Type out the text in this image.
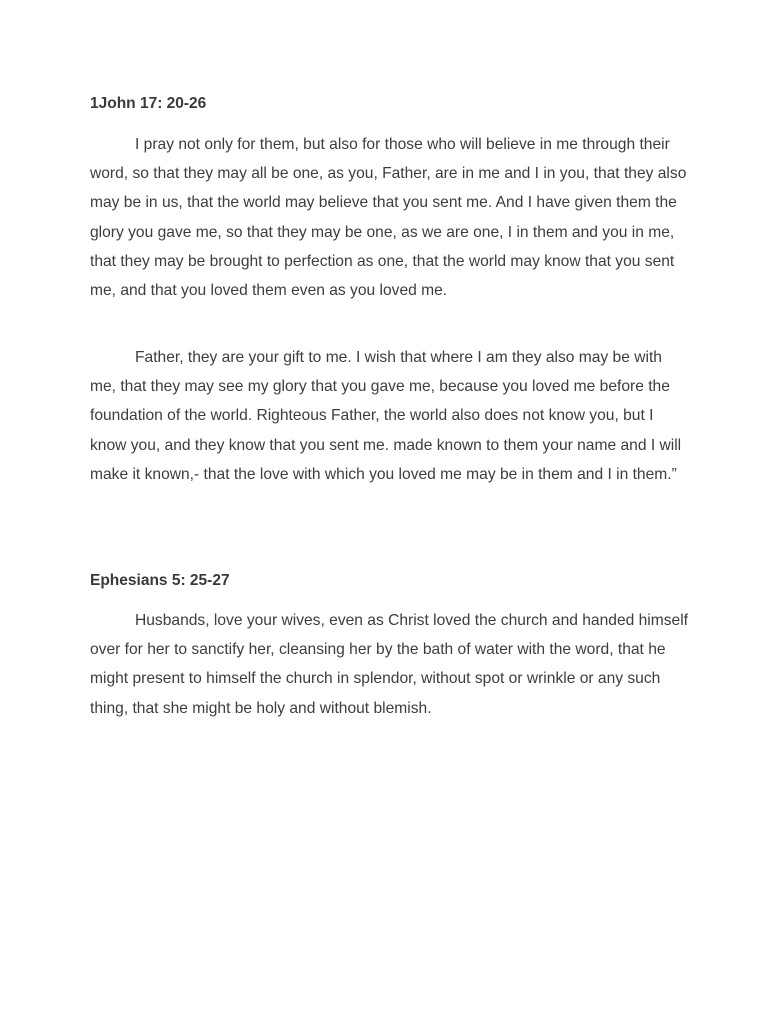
1John 17: 20-26

I pray not only for them, but also for those who will believe in me through their word, so that they may all be one, as you, Father, are in me and I in you, that they also may be in us, that the world may believe that you sent me. And I have given them the glory you gave me, so that they may be one, as we are one, I in them and you in me, that they may be brought to perfection as one, that the world may know that you sent me, and that you loved them even as you loved me.

Father, they are your gift to me. I wish that where I am they also may be with me, that they may see my glory that you gave me, because you loved me before the foundation of the world. Righteous Father, the world also does not know you, but I know you, and they know that you sent me. made known to them your name and I will make it known,- that the love with which you loved me may be in them and I in them.”

Ephesians 5: 25-27

Husbands, love your wives, even as Christ loved the church and handed himself over for her to sanctify her, cleansing her by the bath of water with the word, that he might present to himself the church in splendor, without spot or wrinkle or any such thing, that she might be holy and without blemish.
